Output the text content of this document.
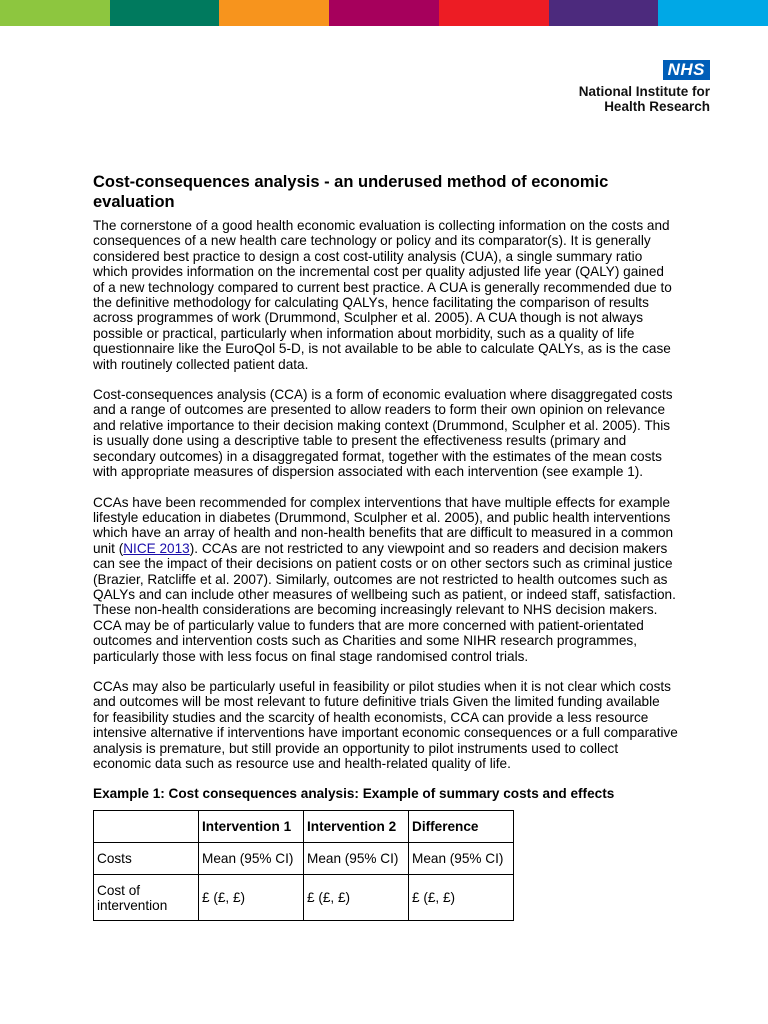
NHS
National Institute for
Health Research
Cost-consequences analysis - an underused method of economic evaluation

The cornerstone of a good health economic evaluation is collecting information on the costs and consequences of a new health care technology or policy and its comparator(s). It is generally considered best practice to design a cost cost-utility analysis (CUA), a single summary ratio which provides information on the incremental cost per quality adjusted life year (QALY) gained of a new technology compared to current best practice. A CUA is generally recommended due to the definitive methodology for calculating QALYs, hence facilitating the comparison of results across programmes of work (Drummond, Sculpher et al. 2005). A CUA though is not always possible or practical, particularly when information about morbidity, such as a quality of life questionnaire like the EuroQol 5-D, is not available to be able to calculate QALYs, as is the case with routinely collected patient data.

Cost-consequences analysis (CCA) is a form of economic evaluation where disaggregated costs and a range of outcomes are presented to allow readers to form their own opinion on relevance and relative importance to their decision making context (Drummond, Sculpher et al. 2005). This is usually done using a descriptive table to present the effectiveness results (primary and secondary outcomes) in a disaggregated format, together with the estimates of the mean costs with appropriate measures of dispersion associated with each intervention (see example 1).

CCAs have been recommended for complex interventions that have multiple effects for example lifestyle education in diabetes (Drummond, Sculpher et al. 2005), and public health interventions which have an array of health and non-health benefits that are difficult to measured in a common unit (NICE 2013). CCAs are not restricted to any viewpoint and so readers and decision makers can see the impact of their decisions on patient costs or on other sectors such as criminal justice (Brazier, Ratcliffe et al. 2007). Similarly, outcomes are not restricted to health outcomes such as QALYs and can include other measures of wellbeing such as patient, or indeed staff, satisfaction. These non-health considerations are becoming increasingly relevant to NHS decision makers. CCA may be of particularly value to funders that are more concerned with patient-orientated outcomes and intervention costs such as Charities and some NIHR research programmes, particularly those with less focus on final stage randomised control trials.

CCAs may also be particularly useful in feasibility or pilot studies when it is not clear which costs and outcomes will be most relevant to future definitive trials Given the limited funding available for feasibility studies and the scarcity of health economists, CCA can provide a less resource intensive alternative if interventions have important economic consequences or a full comparative analysis is premature, but still provide an opportunity to pilot instruments used to collect economic data such as resource use and health-related quality of life.

Example 1: Cost consequences analysis: Example of summary costs and effects
	Intervention 1	Intervention 2	Difference
Costs	Mean (95% CI)	Mean (95% CI)	Mean (95% CI)
Cost of intervention	£ (£, £)	£ (£, £)	£ (£, £)
